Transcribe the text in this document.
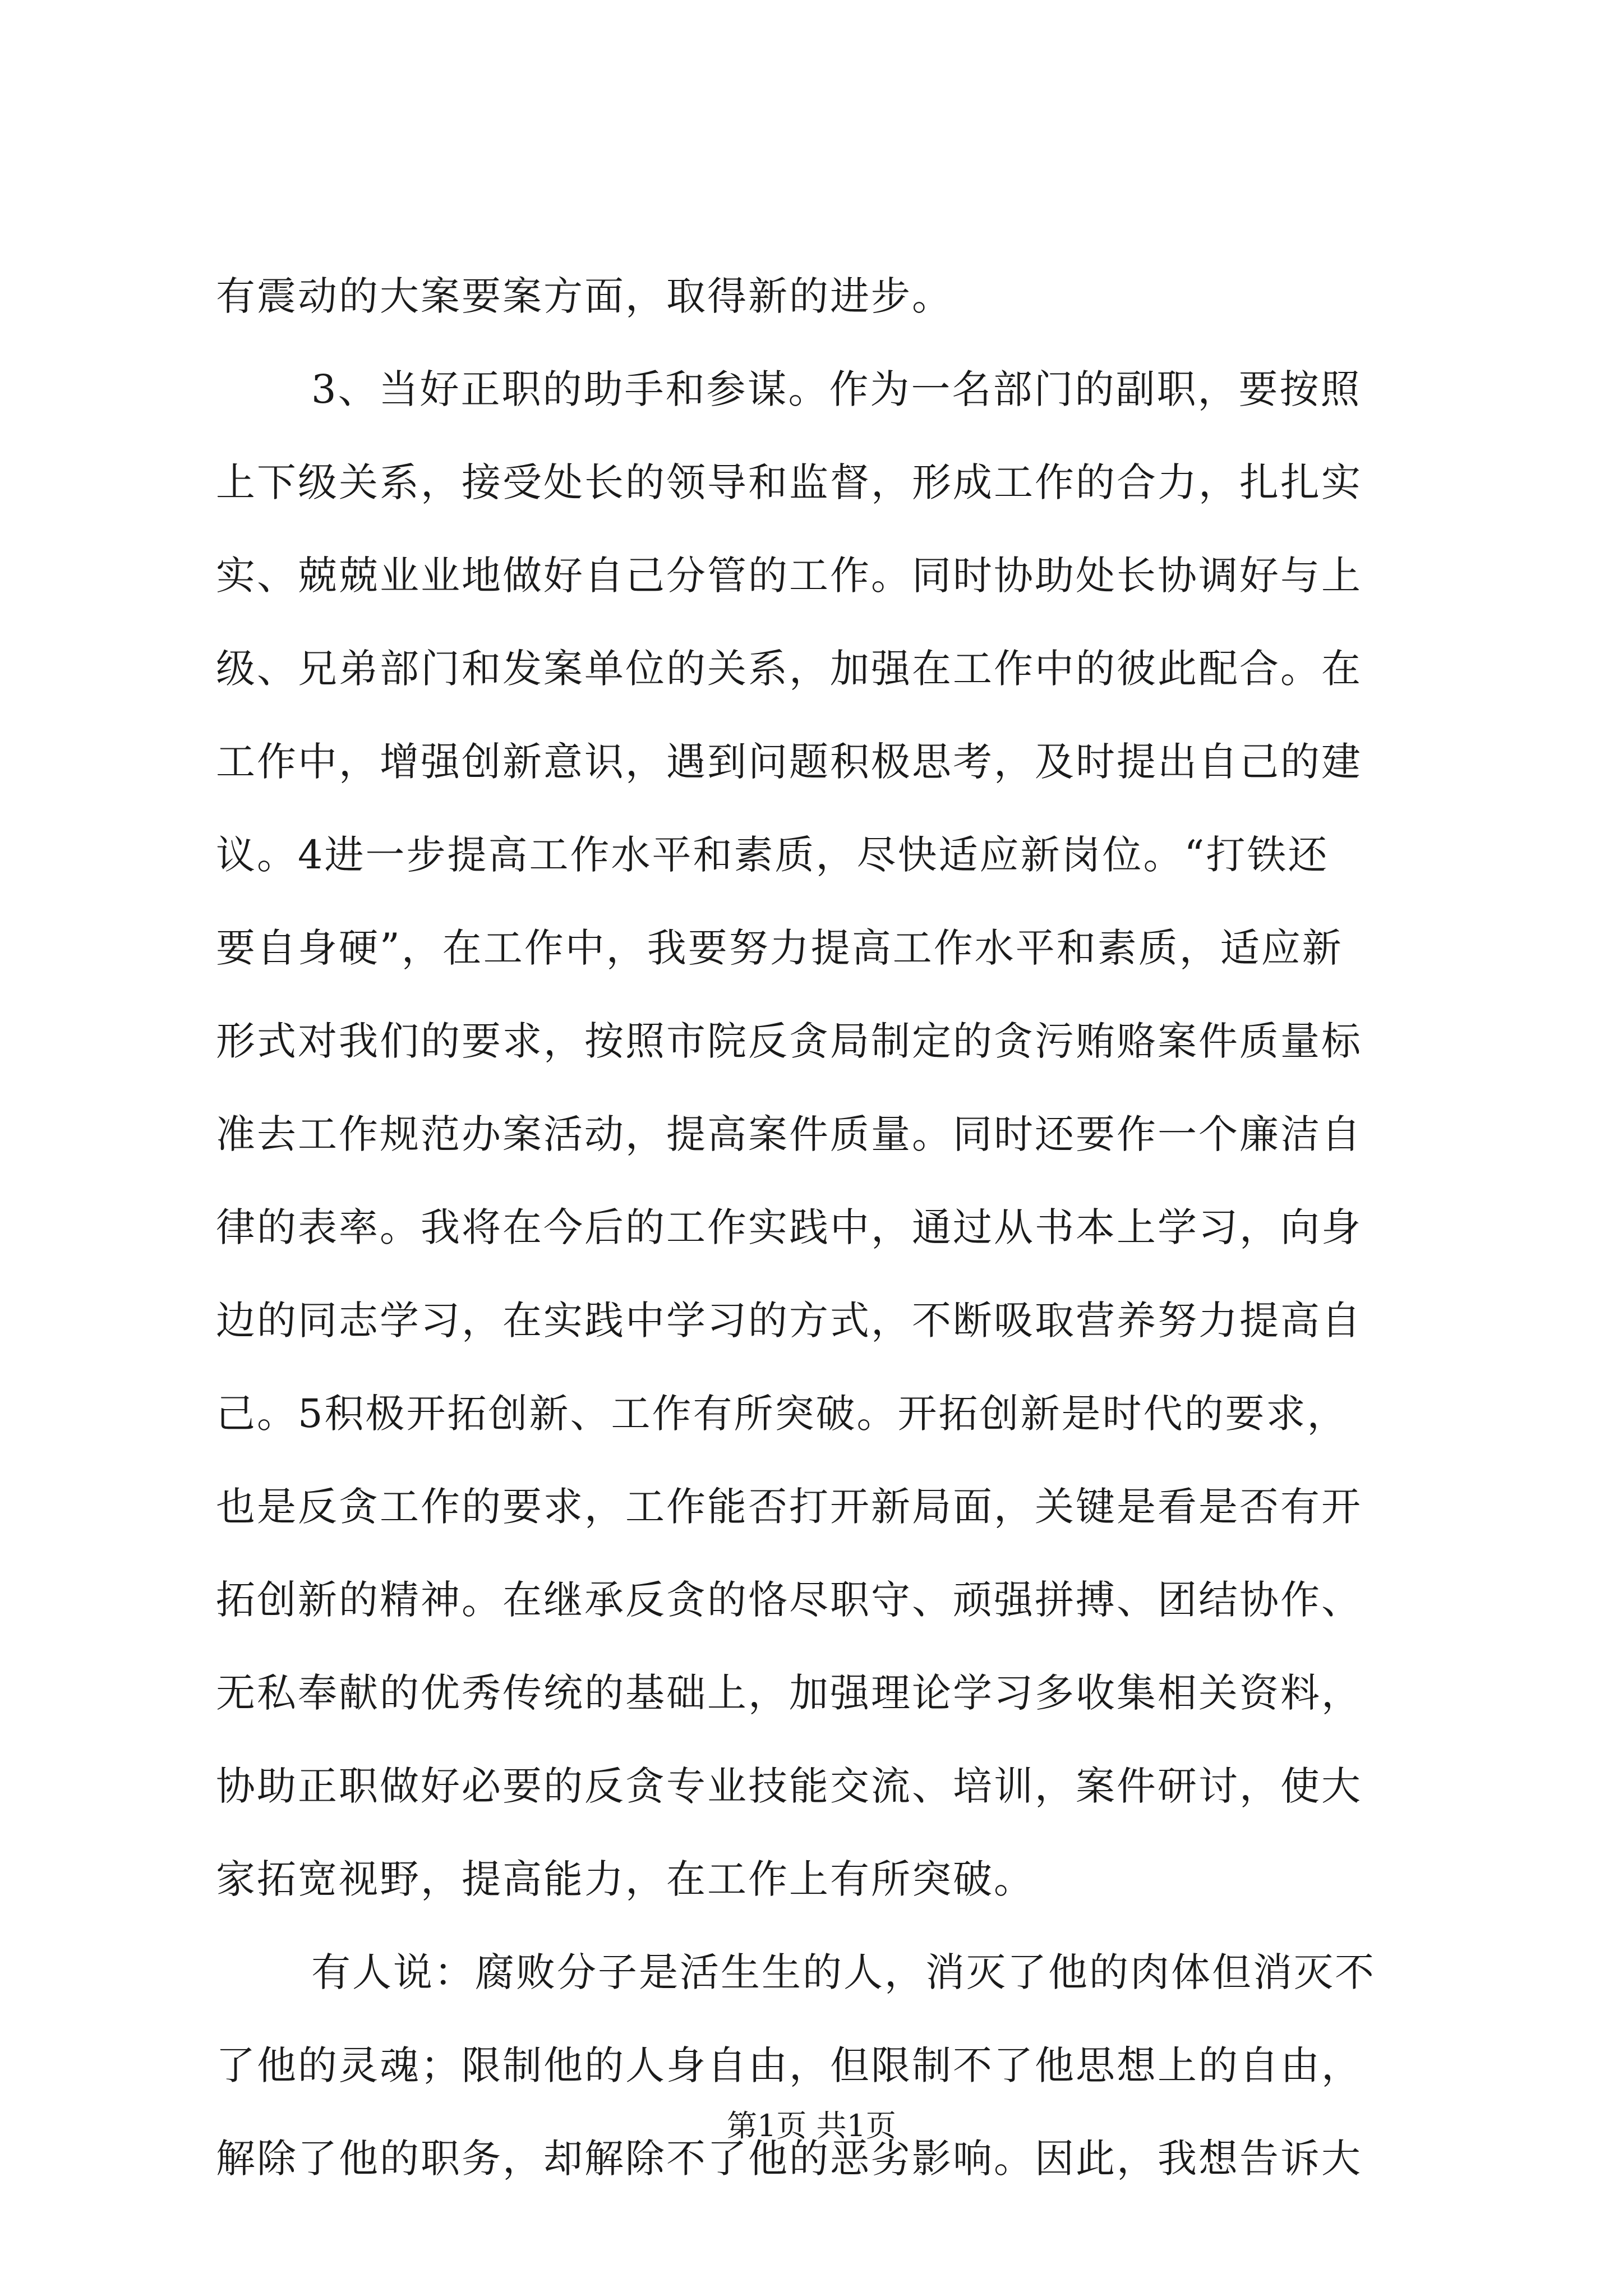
有震动的大案要案方面，取得新的进步。
3、当好正职的助手和参谋。作为一名部门的副职，要按照
上下级关系，接受处长的领导和监督，形成工作的合力，扎扎实
实、兢兢业业地做好自己分管的工作。同时协助处长协调好与上
级、兄弟部门和发案单位的关系，加强在工作中的彼此配合。在
工作中，增强创新意识，遇到问题积极思考，及时提出自己的建
议。4进一步提高工作水平和素质，尽快适应新岗位。“打铁还
要自身硬”，在工作中，我要努力提高工作水平和素质，适应新
形式对我们的要求，按照市院反贪局制定的贪污贿赂案件质量标
准去工作规范办案活动，提高案件质量。同时还要作一个廉洁自
律的表率。我将在今后的工作实践中，通过从书本上学习，向身
边的同志学习，在实践中学习的方式，不断吸取营养努力提高自
己。5积极开拓创新、工作有所突破。开拓创新是时代的要求，
也是反贪工作的要求，工作能否打开新局面，关键是看是否有开
拓创新的精神。在继承反贪的恪尽职守、顽强拼搏、团结协作、
无私奉献的优秀传统的基础上，加强理论学习多收集相关资料，
协助正职做好必要的反贪专业技能交流、培训，案件研讨，使大
家拓宽视野，提高能力，在工作上有所突破。
有人说：腐败分子是活生生的人，消灭了他的肉体但消灭不
了他的灵魂；限制他的人身自由，但限制不了他思想上的自由，
解除了他的职务，却解除不了他的恶劣影响。因此，我想告诉大
第1页 共1页
